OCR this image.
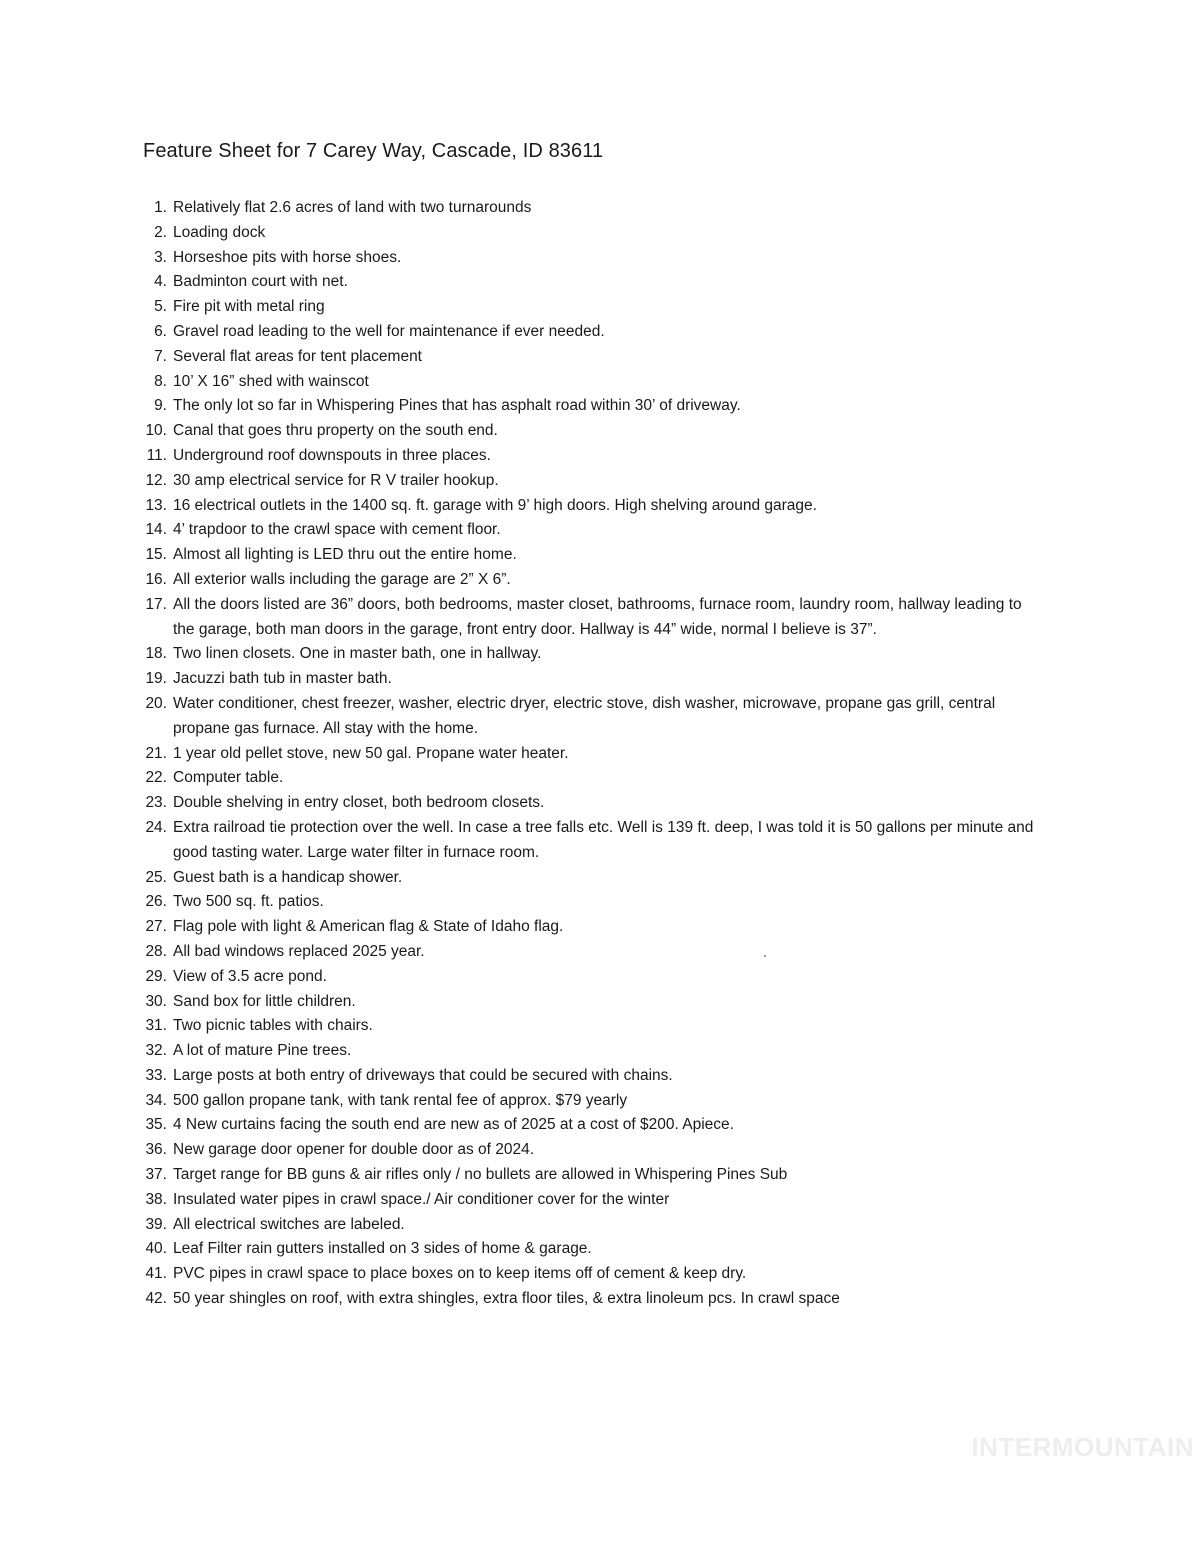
Feature Sheet for 7 Carey Way, Cascade, ID 83611
1. Relatively flat 2.6 acres of land with two turnarounds
2. Loading dock
3. Horseshoe pits with horse shoes.
4. Badminton court with net.
5. Fire pit with metal ring
6. Gravel road leading to the well for maintenance if ever needed.
7. Several flat areas for tent placement
8. 10’ X 16” shed with wainscot
9. The only lot so far in Whispering Pines that has asphalt road within 30’ of driveway.
10. Canal that goes thru property on the south end.
11. Underground roof downspouts in three places.
12. 30 amp electrical service for R V trailer hookup.
13. 16 electrical outlets in the 1400 sq. ft. garage with 9’ high doors. High shelving around garage.
14. 4’ trapdoor to the crawl space with cement floor.
15. Almost all lighting is LED thru out the entire home.
16. All exterior walls including the garage are 2” X 6”.
17. All the doors listed are 36” doors, both bedrooms, master closet, bathrooms, furnace room, laundry room, hallway leading to the garage, both man doors in the garage, front entry door. Hallway is 44” wide, normal I believe is 37”.
18. Two linen closets. One in master bath, one in hallway.
19. Jacuzzi bath tub in master bath.
20. Water conditioner, chest freezer, washer, electric dryer, electric stove, dish washer, microwave, propane gas grill, central propane gas furnace. All stay with the home.
21. 1 year old pellet stove, new 50 gal. Propane water heater.
22. Computer table.
23. Double shelving in entry closet, both bedroom closets.
24. Extra railroad tie protection over the well. In case a tree falls etc. Well is 139 ft. deep, I was told it is 50 gallons per minute and good tasting water. Large water filter in furnace room.
25. Guest bath is a handicap shower.
26. Two 500 sq. ft. patios.
27. Flag pole with light & American flag & State of Idaho flag.
28. All bad windows replaced 2025 year.
29. View of 3.5 acre pond.
30. Sand box for little children.
31. Two picnic tables with chairs.
32. A lot of mature Pine trees.
33. Large posts at both entry of driveways that could be secured with chains.
34. 500 gallon propane tank, with tank rental fee of approx. $79 yearly
35. 4 New curtains facing the south end are new as of 2025 at a cost of $200. Apiece.
36. New garage door opener for double door as of 2024.
37. Target range for BB guns & air rifles only / no bullets are allowed in Whispering Pines Sub
38. Insulated water pipes in crawl space./ Air conditioner cover for the winter
39. All electrical switches are labeled.
40. Leaf Filter rain gutters installed on 3 sides of home & garage.
41. PVC pipes in crawl space to place boxes on to keep items off of cement & keep dry.
42. 50 year shingles on roof, with extra shingles, extra floor tiles, & extra linoleum pcs. In crawl space
INTERMOUNTAIN
